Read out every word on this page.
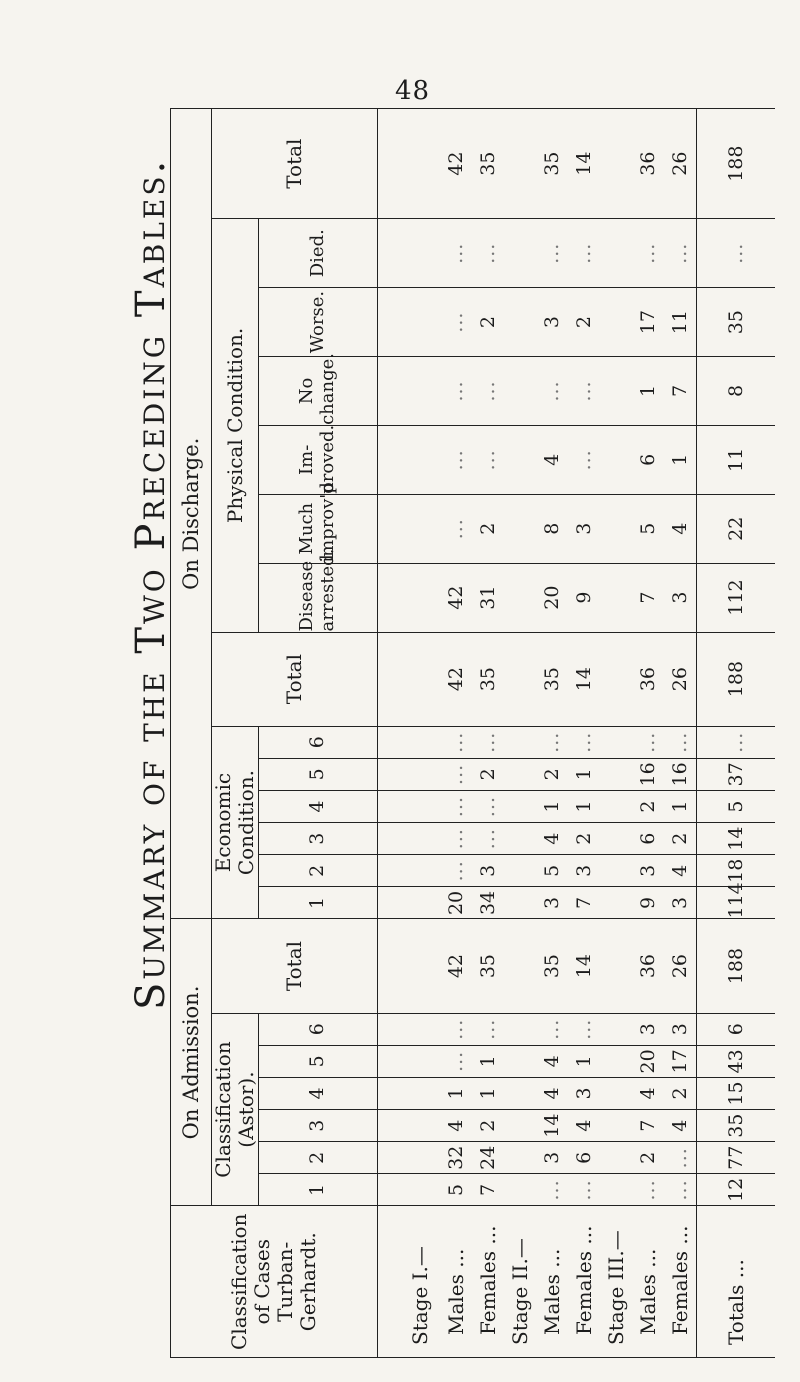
48
Summary of the Two Preceding Tables.
Classification of Cases Turban-Gerhardt.	On Admission.							On Discharge.													
	Classification (Astor).						Total	Economic Condition.						Total	Physical Condition.						Total
	1	2	3	4	5	6		1	2	3	4	5	6		Disease arrested.	Much improv'd	Im-proved.	No change.	Worse.	Died.	
Stage I.—																					
Males ...	5	32	4	1	...	...	42	20	...	...	...	...	...	42	42	...	...	...	...	...	42
Females ...	7	24	2	1	1	...	35	34	3	...	...	2	...	35	31	2	...	...	2	...	35
Stage II.—																					
Males ...	...	3	14	4	4	...	35	3	5	4	1	2	...	35	20	8	4	...	3	...	35
Females ...	...	6	4	3	1	...	14	7	3	2	1	1	...	14	9	3	...	...	2	...	14
Stage III.—																					
Males ...	...	2	7	4	20	3	36	9	3	6	2	16	...	36	7	5	6	1	17	...	36
Females ...	...	...	4	2	17	3	26	3	4	2	1	16	...	26	3	4	1	7	11	...	26
Totals ...	12	77	35	15	43	6	188	114	18	14	5	37	...	188	112	22	11	8	35	...	188
